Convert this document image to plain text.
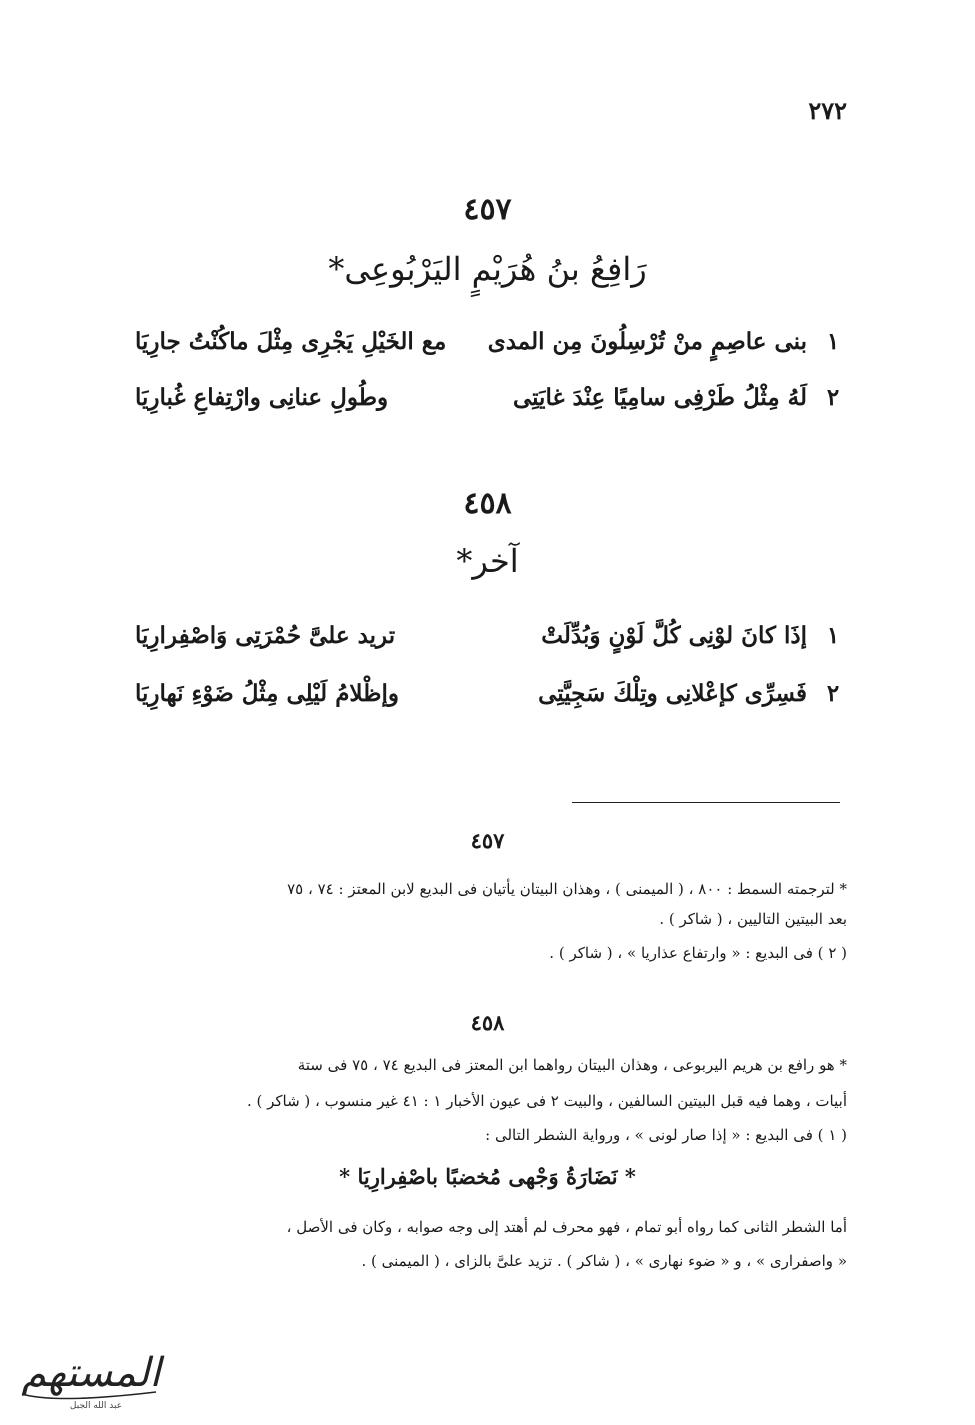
٢٧٢
٤٥٧
رَافِعُ بنُ هُرَيْمٍ اليَرْبُوعِى*
١
بنى عاصِمٍ منْ تُرْسِلُونَ مِن المدى
مع الخَيْلِ يَجْرِى مِثْلَ ماكُنْتُ جارِيَا
٢
لَهُ مِثْلُ طَرْفِى سامِيًا عِنْدَ غايَتِى
وطُولِ عنانِى وارْتِفاعِ غُبارِيَا
٤٥٨
آخر*
١
إذَا كانَ لوْنِى كُلَّ لَوْنٍ وَبُدِّلَتْ
تريد علىَّ حُمْرَتِى وَاصْفِرارِيَا
٢
فَسِرِّى كإعْلانِى وتِلْكَ سَجِيَّتِى
وإظْلامُ لَيْلِى مِثْلُ ضَوْءِ نَهارِيَا
٤٥٧
* لترجمته السمط : ٨٠٠ ، ( الميمنى ) ، وهذان البيتان يأتيان فى البديع لابن المعتز : ٧٤ ، ٧٥
بعد البيتين التاليين ، ( شاكر ) .
( ٢ ) فى البديع : « وارتفاع عذاريا » ، ( شاكر ) .
٤٥٨
* هو رافع بن هريم اليربوعى ، وهذان البيتان رواهما ابن المعتز فى البديع ٧٤ ، ٧٥ فى ستة
أبيات ، وهما فيه قبل البيتين السالفين ، والبيت ٢ فى عيون الأخبار ١ : ٤١ غير منسوب ، ( شاكر ) .
( ١ ) فى البديع : « إذا صار لونى » ، ورواية الشطر التالى :
* نَضَارَةُ وَجْهى مُخضبًا باصْفِرارِيَا *
أما الشطر الثانى كما رواه أبو تمام ، فهو محرف لم أهتد إلى وجه صوابه ، وكان فى الأصل ،
« واصفرارى » ، و « ضوء نهارى » ، ( شاكر ) . تزيد علىَّ بالزاى ، ( الميمنى ) .
المستهم
عبد الله الجبل
